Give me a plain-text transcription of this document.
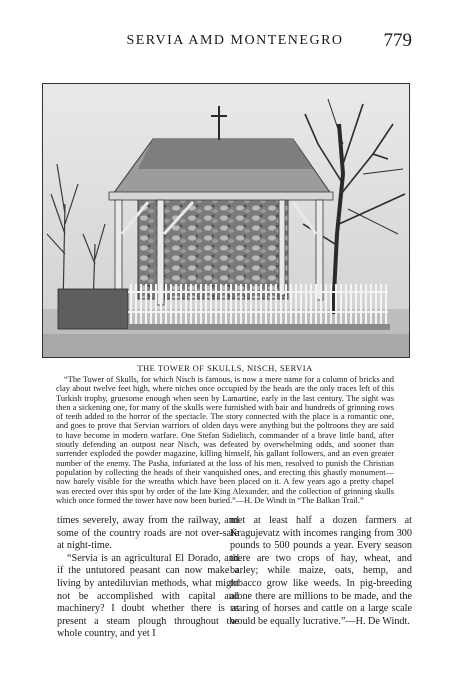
SERVIA AMD MONTENEGRO	779
THE TOWER OF SKULLS, NISCH, SERVIA
“The Tower of Skulls, for which Nisch is famous, is now a mere name for a column of bricks and clay about twelve feet high, where niches once occupied by the heads are the only traces left of this Turkish trophy, gruesome enough when seen by Lamartine, early in the last century. The sight was then a sickening one, for many of the skulls were furnished with hair and hundreds of grinning rows of teeth added to the horror of the spectacle. The story connected with the place is a romantic one, and goes to prove that Servian warriors of olden days were anything but the poltroons they are said to have become in modern warfare. One Stefan Sidielitch, commander of a brave little band, after stoutly defending an outpost near Nisch, was defeated by overwhelming odds, and sooner than surrender exploded the powder magazine, killing himself, his gallant followers, and an even greater number of the enemy. The Pasha, infuriated at the loss of his men, resolved to punish the Christian population by collecting the heads of their vanquished ones, and erecting this ghastly monument—now barely visible for the wreaths which have been placed on it. A few years ago a pretty chapel was erected over this spot by order of the late King Alexander, and the collection of grinning skulls which once formed the tower have now been buried.”—H. De Windt in “The Balkan Trail.”

times severely, away from the railway, and some of the country roads are not over-safe at night-time.

“Servia is an agricultural El Dorado, and if the untutored peasant can now make a living by antediluvian methods, what might not be accomplished with capital and machinery? I doubt whether there is at present a steam plough throughout the whole country, and yet I

met at least half a dozen farmers at Kragujevatz with incomes ranging from 300 pounds to 500 pounds a year. Every season there are two crops of hay, wheat, and barley; while maize, oats, hemp, and tobacco grow like weeds. In pig-breeding alone there are millions to be made, and the rearing of horses and cattle on a large scale would be equally lucrative.”—H. De Windt.
